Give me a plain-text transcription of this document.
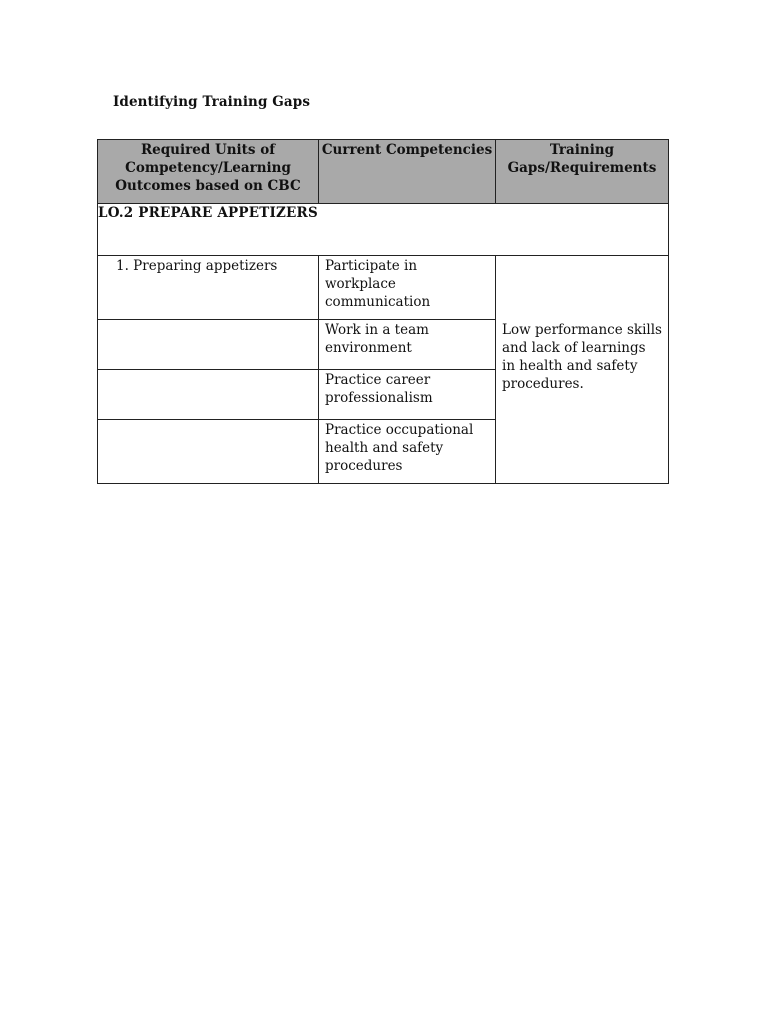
Identifying Training Gaps
Required Units of Competency/Learning Outcomes based on CBC	Current Competencies	Training Gaps/Requirements
LO.2 PREPARE APPETIZERS		
1. Preparing appetizers	Participate in workplace communication	Low performance skills and lack of learnings in health and safety procedures.

	Work in a team environment	
	Practice career professionalism	
	Practice occupational health and safety procedures	
